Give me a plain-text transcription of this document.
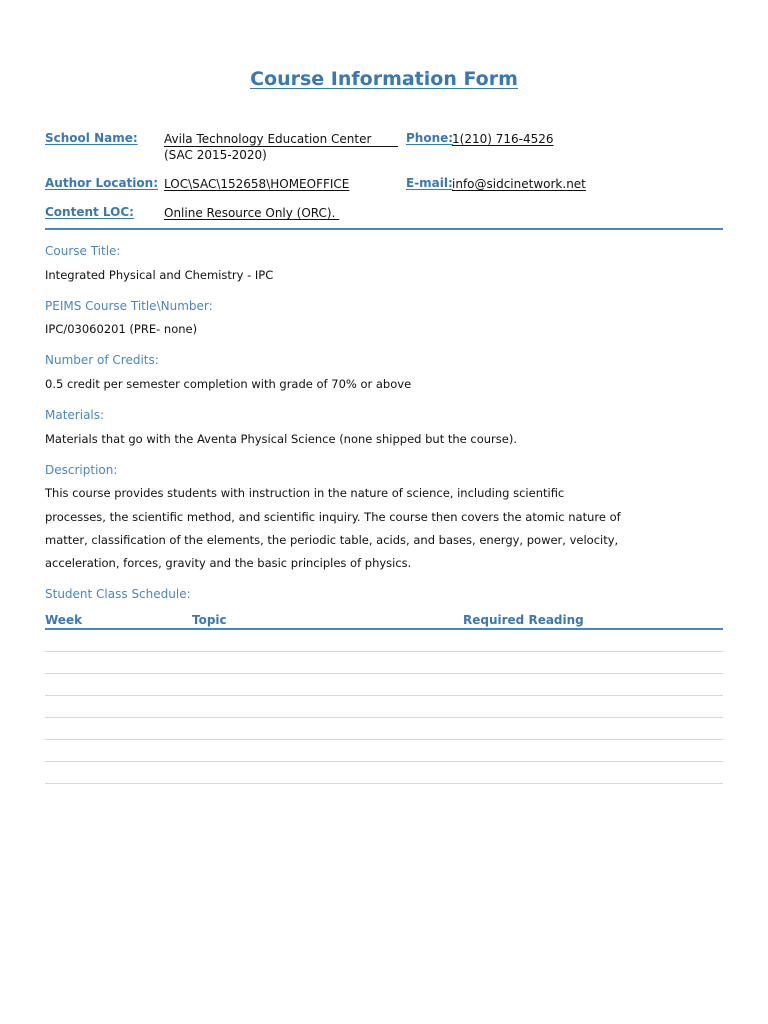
Course Information Form
School Name: Avila Technology Education Center
(SAC 2015-2020)
Phone:
1(210) 716-4526
Author Location: LOC\SAC\152658\HOMEOFFICE	E-mail: info@sidcinetwork.net
Content LOC:	Online Resource Only (ORC).
Course Title:
Integrated Physical and Chemistry - IPC
PEIMS Course Title\Number:
IPC/03060201 (PRE- none)
Number of Credits:
0.5 credit per semester completion with grade of 70% or above
Materials:
Materials that go with the Aventa Physical Science (none shipped but the course).
Description:
This course provides students with instruction in the nature of science, including scientific
processes, the scientific method, and scientific inquiry. The course then covers the atomic nature of
matter, classification of the elements, the periodic table, acids, and bases, energy, power, velocity,
acceleration, forces, gravity and the basic principles of physics.
Student Class Schedule:
Week	Topic	Required Reading
